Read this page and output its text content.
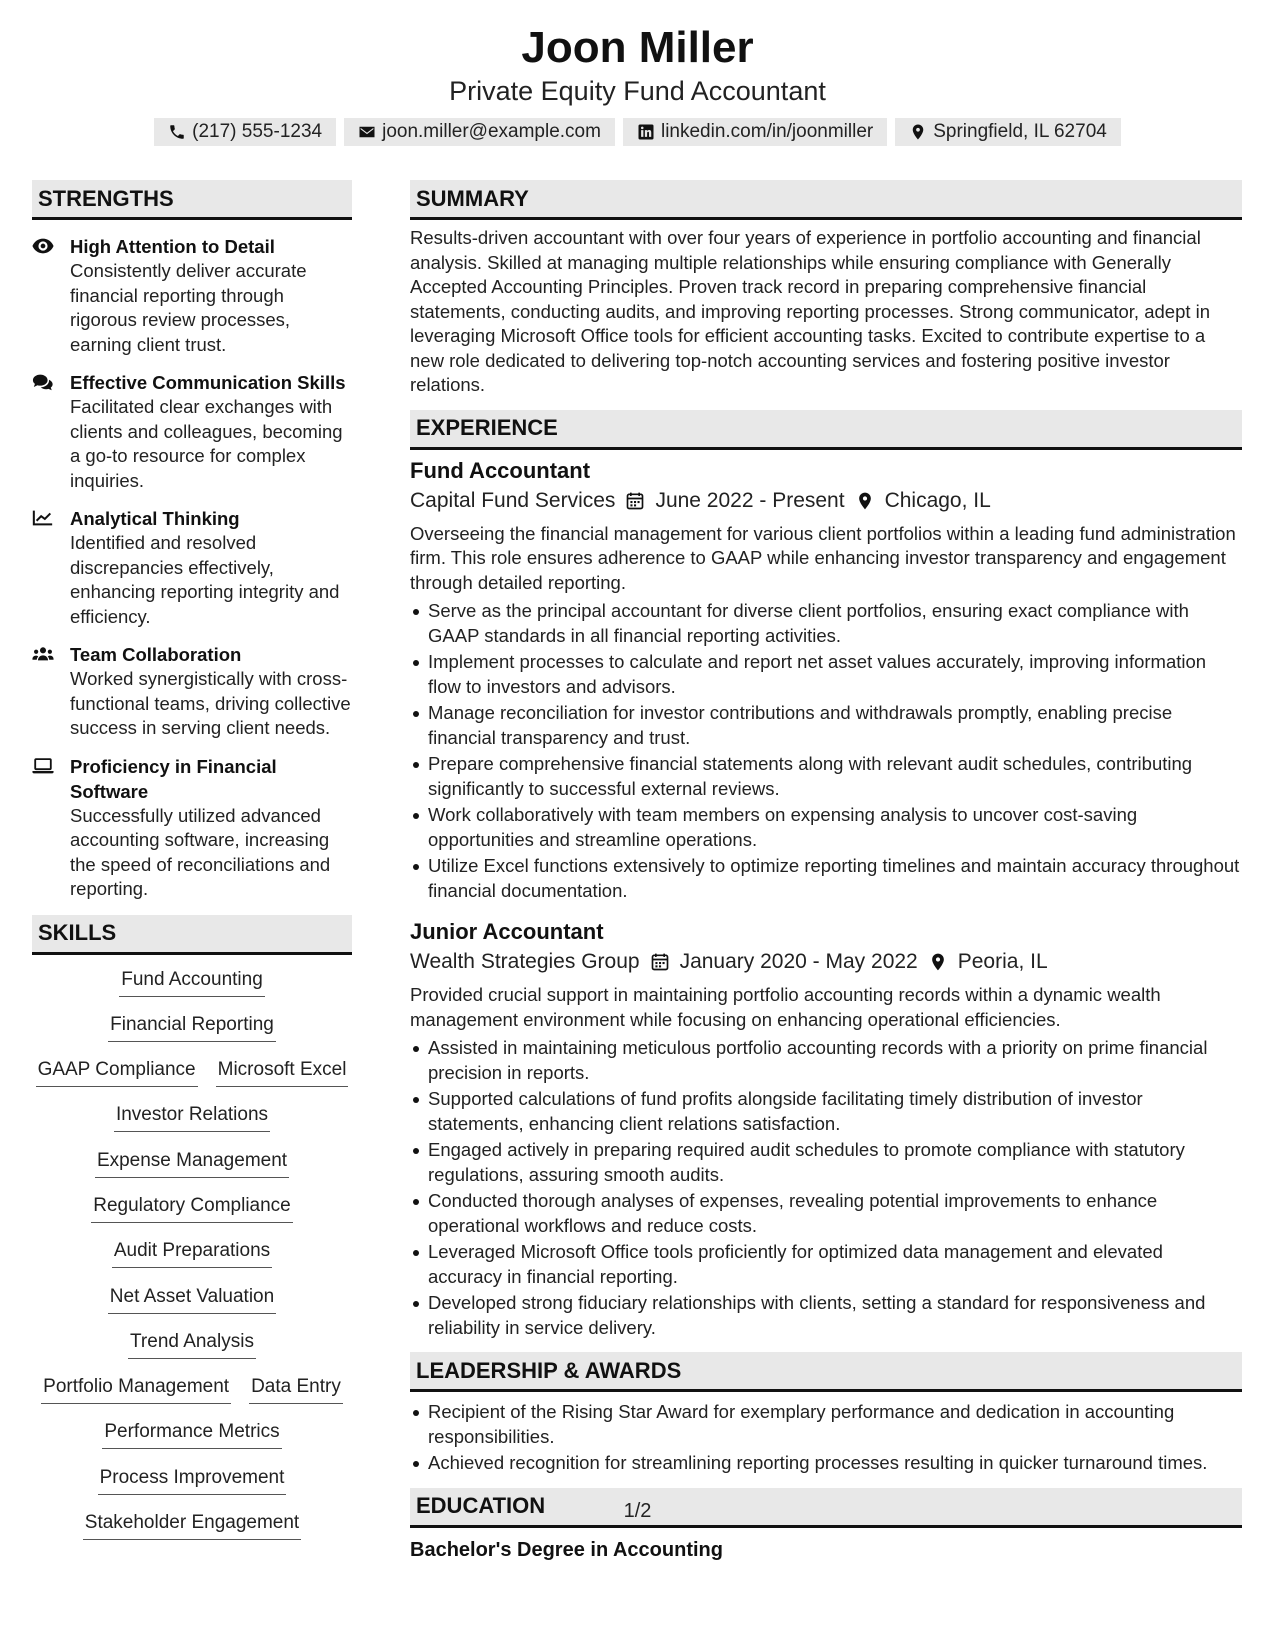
Joon Miller
Private Equity Fund Accountant
(217) 555-1234	joon.miller@example.com	linkedin.com/in/joonmiller	Springfield, IL 62704
STRENGTHS
High Attention to Detail
Consistently deliver accurate financial reporting through rigorous review processes, earning client trust.
Effective Communication Skills
Facilitated clear exchanges with clients and colleagues, becoming a go-to resource for complex inquiries.
Analytical Thinking
Identified and resolved discrepancies effectively, enhancing reporting integrity and efficiency.
Team Collaboration
Worked synergistically with cross-functional teams, driving collective success in serving client needs.
Proficiency in Financial Software
Successfully utilized advanced accounting software, increasing the speed of reconciliations and reporting.
SKILLS
Fund Accounting
Financial Reporting
GAAP Compliance Microsoft Excel
Investor Relations
Expense Management
Regulatory Compliance
Audit Preparations
Net Asset Valuation
Trend Analysis
Portfolio Management Data Entry
Performance Metrics
Process Improvement
Stakeholder Engagement
SUMMARY
Results-driven accountant with over four years of experience in portfolio accounting and financial analysis. Skilled at managing multiple relationships while ensuring compliance with Generally Accepted Accounting Principles. Proven track record in preparing comprehensive financial statements, conducting audits, and improving reporting processes. Strong communicator, adept in leveraging Microsoft Office tools for efficient accounting tasks. Excited to contribute expertise to a new role dedicated to delivering top-notch accounting services and fostering positive investor relations.
EXPERIENCE
Fund Accountant
Capital Fund Services June 2022 - Present Chicago, IL
Overseeing the financial management for various client portfolios within a leading fund administration firm. This role ensures adherence to GAAP while enhancing investor transparency and engagement through detailed reporting.
Serve as the principal accountant for diverse client portfolios, ensuring exact compliance with GAAP standards in all financial reporting activities.
Implement processes to calculate and report net asset values accurately, improving information flow to investors and advisors.
Manage reconciliation for investor contributions and withdrawals promptly, enabling precise financial transparency and trust.
Prepare comprehensive financial statements along with relevant audit schedules, contributing significantly to successful external reviews.
Work collaboratively with team members on expensing analysis to uncover cost-saving opportunities and streamline operations.
Utilize Excel functions extensively to optimize reporting timelines and maintain accuracy throughout financial documentation.
Junior Accountant
Wealth Strategies Group January 2020 - May 2022 Peoria, IL
Provided crucial support in maintaining portfolio accounting records within a dynamic wealth management environment while focusing on enhancing operational efficiencies.
Assisted in maintaining meticulous portfolio accounting records with a priority on prime financial precision in reports.
Supported calculations of fund profits alongside facilitating timely distribution of investor statements, enhancing client relations satisfaction.
Engaged actively in preparing required audit schedules to promote compliance with statutory regulations, assuring smooth audits.
Conducted thorough analyses of expenses, revealing potential improvements to enhance operational workflows and reduce costs.
Leveraged Microsoft Office tools proficiently for optimized data management and elevated accuracy in financial reporting.
Developed strong fiduciary relationships with clients, setting a standard for responsiveness and reliability in service delivery.
LEADERSHIP & AWARDS
Recipient of the Rising Star Award for exemplary performance and dedication in accounting responsibilities.
Achieved recognition for streamlining reporting processes resulting in quicker turnaround times.
EDUCATION
Bachelor's Degree in Accounting
1/2
